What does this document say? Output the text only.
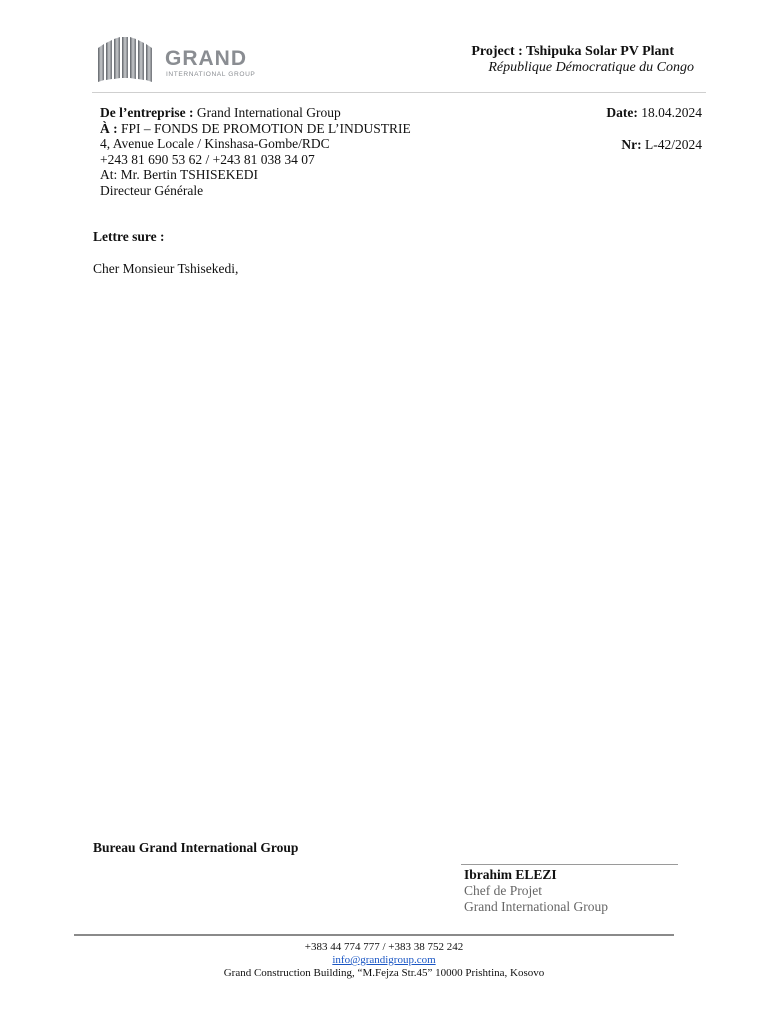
GRAND
INTERNATIONAL GROUP
Project : Tshipuka Solar PV Plant
République Démocratique du Congo
De l’entreprise : Grand International Group
À : FPI – FONDS DE PROMOTION DE L’INDUSTRIE
4, Avenue Locale / Kinshasa-Gombe/RDC
+243 81 690 53 62 / +243 81 038 34 07
At: Mr. Bertin TSHISEKEDI
Directeur Générale
Date: 18.04.2024
Nr: L-42/2024
Lettre sure :
Cher Monsieur Tshisekedi,
Bureau Grand International Group
Ibrahim ELEZI
Chef de Projet
Grand International Group
+383 44 774 777 / +383 38 752 242
info@grandigroup.com
Grand Construction Building, “M.Fejza Str.45” 10000 Prishtina, Kosovo
